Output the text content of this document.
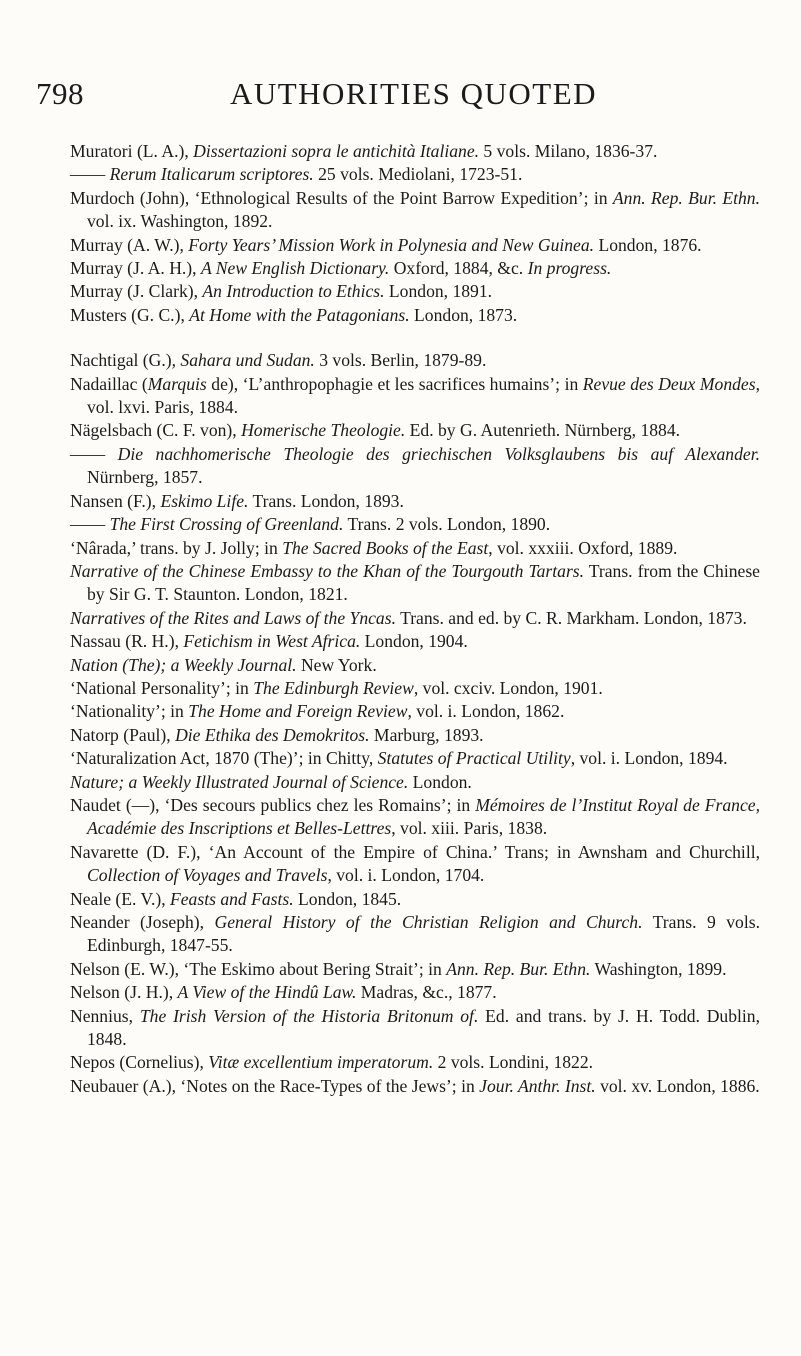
798	AUTHORITIES QUOTED
Muratori (L. A.), Dissertazioni sopra le antichità Italiane. 5 vols. Milano, 1836-37.
—— Rerum Italicarum scriptores. 25 vols. Mediolani, 1723-51.
Murdoch (John), ‘Ethnological Results of the Point Barrow Expedition’; in Ann. Rep. Bur. Ethn. vol. ix. Washington, 1892.
Murray (A. W.), Forty Years’ Mission Work in Polynesia and New Guinea. London, 1876.
Murray (J. A. H.), A New English Dictionary. Oxford, 1884, &c. In progress.
Murray (J. Clark), An Introduction to Ethics. London, 1891.
Musters (G. C.), At Home with the Patagonians. London, 1873.
Nachtigal (G.), Sahara und Sudan. 3 vols. Berlin, 1879-89.
Nadaillac (Marquis de), ‘L’anthropophagie et les sacrifices humains’; in Revue des Deux Mondes, vol. lxvi. Paris, 1884.
Nägelsbach (C. F. von), Homerische Theologie. Ed. by G. Autenrieth. Nürnberg, 1884.
—— Die nachhomerische Theologie des griechischen Volksglaubens bis auf Alexander. Nürnberg, 1857.
Nansen (F.), Eskimo Life. Trans. London, 1893.
—— The First Crossing of Greenland. Trans. 2 vols. London, 1890.
‘Nârada,’ trans. by J. Jolly; in The Sacred Books of the East, vol. xxxiii. Oxford, 1889.
Narrative of the Chinese Embassy to the Khan of the Tourgouth Tartars. Trans. from the Chinese by Sir G. T. Staunton. London, 1821.
Narratives of the Rites and Laws of the Yncas. Trans. and ed. by C. R. Markham. London, 1873.
Nassau (R. H.), Fetichism in West Africa. London, 1904.
Nation (The); a Weekly Journal. New York.
‘National Personality’; in The Edinburgh Review, vol. cxciv. London, 1901.
‘Nationality’; in The Home and Foreign Review, vol. i. London, 1862.
Natorp (Paul), Die Ethika des Demokritos. Marburg, 1893.
‘Naturalization Act, 1870 (The)’; in Chitty, Statutes of Practical Utility, vol. i. London, 1894.
Nature; a Weekly Illustrated Journal of Science. London.
Naudet (—), ‘Des secours publics chez les Romains’; in Mémoires de l’Institut Royal de France, Académie des Inscriptions et Belles-Lettres, vol. xiii. Paris, 1838.
Navarette (D. F.), ‘An Account of the Empire of China.’ Trans; in Awnsham and Churchill, Collection of Voyages and Travels, vol. i. London, 1704.
Neale (E. V.), Feasts and Fasts. London, 1845.
Neander (Joseph), General History of the Christian Religion and Church. Trans. 9 vols. Edinburgh, 1847-55.
Nelson (E. W.), ‘The Eskimo about Bering Strait’; in Ann. Rep. Bur. Ethn. Washington, 1899.
Nelson (J. H.), A View of the Hindû Law. Madras, &c., 1877.
Nennius, The Irish Version of the Historia Britonum of. Ed. and trans. by J. H. Todd. Dublin, 1848.
Nepos (Cornelius), Vitæ excellentium imperatorum. 2 vols. Londini, 1822.
Neubauer (A.), ‘Notes on the Race-Types of the Jews’; in Jour. Anthr. Inst. vol. xv. London, 1886.
